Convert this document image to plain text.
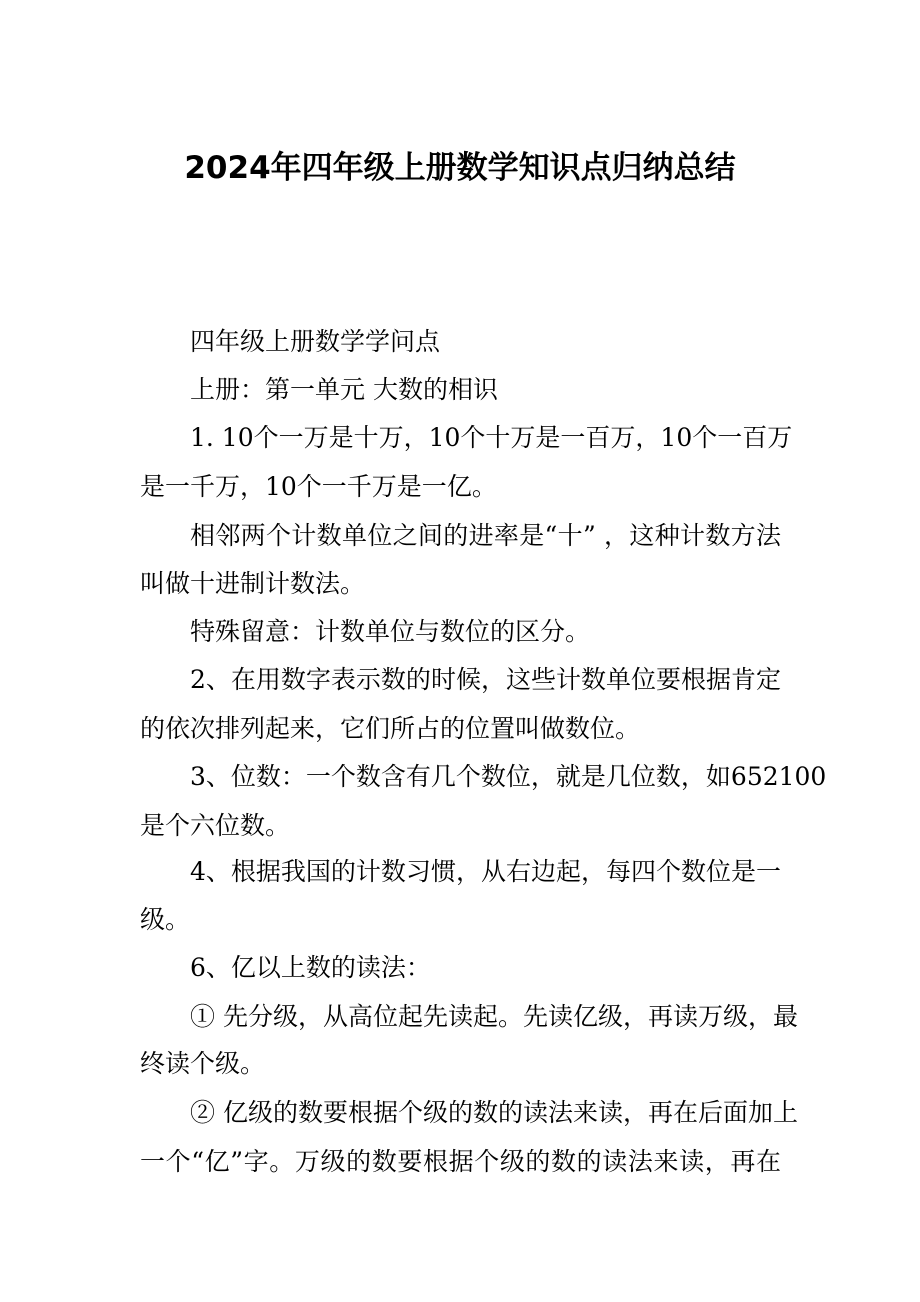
2024年四年级上册数学知识点归纳总结
四年级上册数学学问点
上册：第一单元 大数的相识
1. 10个一万是十万，10个十万是一百万，10个一百万
是一千万，10个一千万是一亿。
相邻两个计数单位之间的进率是“十” ，这种计数方法
叫做十进制计数法。
特殊留意：计数单位与数位的区分。
2、在用数字表示数的时候，这些计数单位要根据肯定
的依次排列起来，它们所占的位置叫做数位。
3、位数：一个数含有几个数位，就是几位数，如652100
是个六位数。
4、根据我国的计数习惯，从右边起，每四个数位是一
级。
6、亿以上数的读法：
① 先分级，从高位起先读起。先读亿级，再读万级，最
终读个级。
② 亿级的数要根据个级的数的读法来读，再在后面加上
一个“亿”字。万级的数要根据个级的数的读法来读，再在
